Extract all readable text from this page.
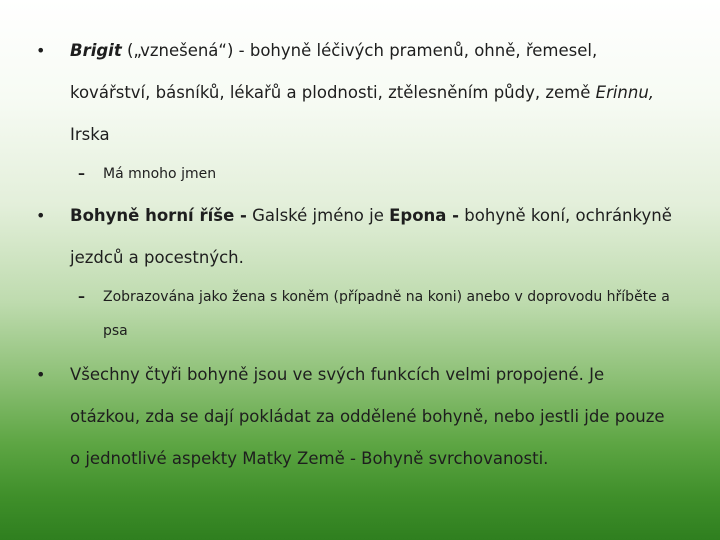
• Brigit („vznešená“) - bohyně léčivých pramenů, ohně, řemesel, kovářství, básníků, lékařů a plodnosti, ztělesněním půdy, země Erinnu, Irska
– Má mnoho jmen
• Bohyně horní říše - Galské jméno je Epona - bohyně koní, ochránkyně jezdců a pocestných.
– Zobrazována jako žena s koněm (případně na koni) anebo v doprovodu hříběte a psa
• Všechny čtyři bohyně jsou ve svých funkcích velmi propojené. Je otázkou, zda se dají pokládat za oddělené bohyně, nebo jestli jde pouze o jednotlivé aspekty Matky Země - Bohyně svrchovanosti.
